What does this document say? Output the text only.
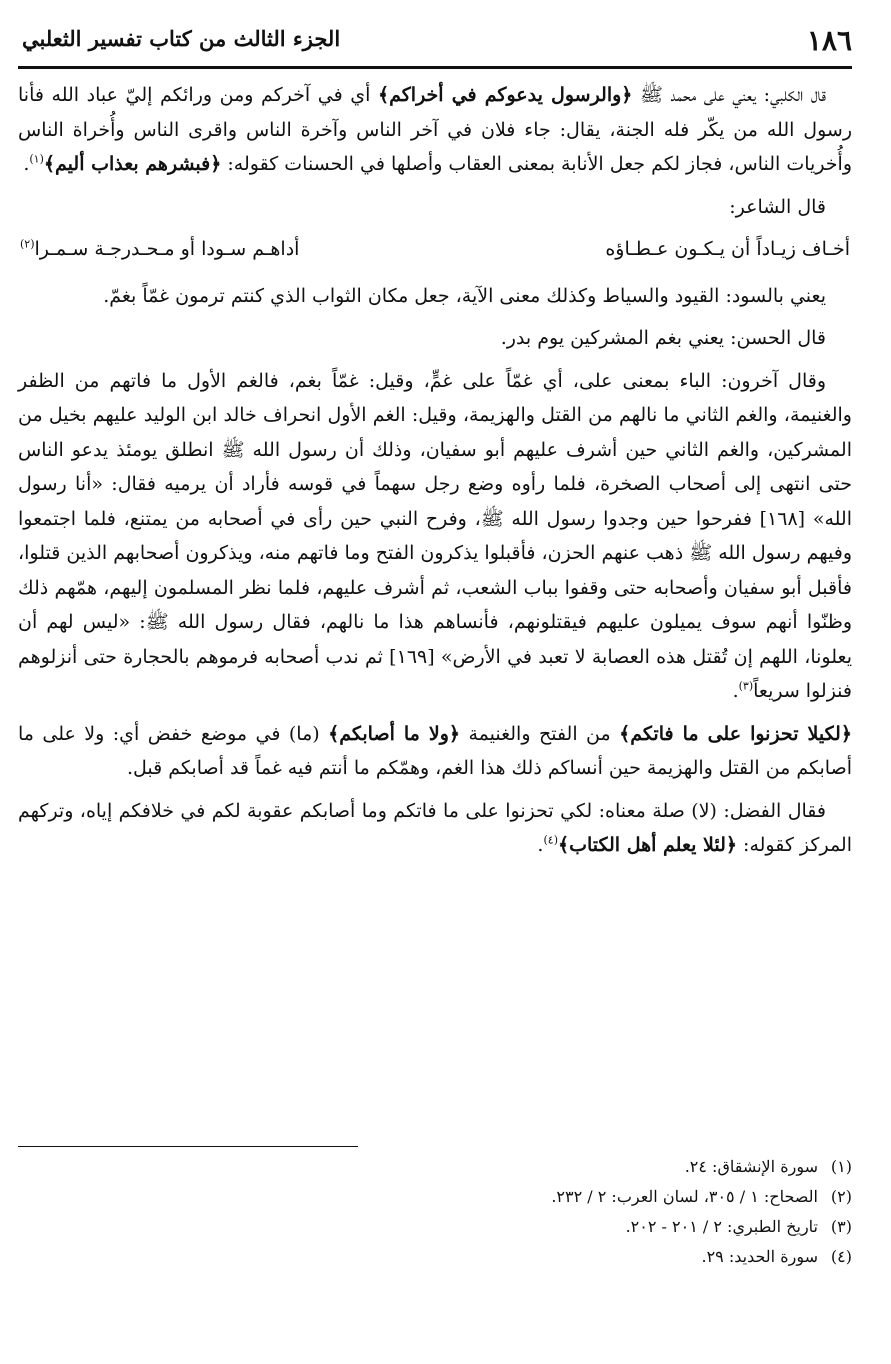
١٨٦
الجزء الثالث من كتاب تفسير الثعلبي

قال الكلبي: يعني على محمد ﷺ ﴿والرسول يدعوكم في أخراكم﴾ أي في آخركم ومن ورائكم إليّ عباد الله فأنا رسول الله من يكّر فله الجنة، يقال: جاء فلان في آخر الناس وآخرة الناس واقرى الناس وأُخراة الناس وأُخريات الناس، فجاز لكم جعل الأنابة بمعنى العقاب وأصلها في الحسنات كقوله: ﴿فبشرهم بعذاب أليم﴾$^{(١)}$.

قال الشاعر:

أخـاف زيـاداً أن يـكـون عـطـاؤه
أداهـم سـودا أو مـحـدرجـة سـمـرا$^{(٢)}$

يعني بالسود: القيود والسياط وكذلك معنى الآية، جعل مكان الثواب الذي كنتم ترمون غمّاً بغمّ.

قال الحسن: يعني بغم المشركين يوم بدر.

وقال آخرون: الباء بمعنى على، أي غمّاً على غمٍّ، وقيل: غمّاً بغم، فالغم الأول ما فاتهم من الظفر والغنيمة، والغم الثاني ما نالهم من القتل والهزيمة، وقيل: الغم الأول انحراف خالد ابن الوليد عليهم بخيل من المشركين، والغم الثاني حين أشرف عليهم أبو سفيان، وذلك أن رسول الله ﷺ انطلق يومئذ يدعو الناس حتى انتهى إلى أصحاب الصخرة، فلما رأوه وضع رجل سهماً في قوسه فأراد أن يرميه فقال: «أنا رسول الله» [١٦٨] ففرحوا حين وجدوا رسول الله ﷺ، وفرح النبي حين رأى في أصحابه من يمتنع، فلما اجتمعوا وفيهم رسول الله ﷺ ذهب عنهم الحزن، فأقبلوا يذكرون الفتح وما فاتهم منه، ويذكرون أصحابهم الذين قتلوا، فأقبل أبو سفيان وأصحابه حتى وقفوا بباب الشعب، ثم أشرف عليهم، فلما نظر المسلمون إليهم، همّهم ذلك وظنّوا أنهم سوف يميلون عليهم فيقتلونهم، فأنساهم هذا ما نالهم، فقال رسول الله ﷺ: «ليس لهم أن يعلونا، اللهم إن تُقتل هذه العصابة لا تعبد في الأرض» [١٦٩] ثم ندب أصحابه فرموهم بالحجارة حتى أنزلوهم فنزلوا سريعاً$^{(٣)}$.

﴿لكيلا تحزنوا على ما فاتكم﴾ من الفتح والغنيمة ﴿ولا ما أصابكم﴾ (ما) في موضع خفض أي: ولا على ما أصابكم من القتل والهزيمة حين أنساكم ذلك هذا الغم، وهمّكم ما أنتم فيه غماً قد أصابكم قبل.

فقال الفضل: (لا) صلة معناه: لكي تحزنوا على ما فاتكم وما أصابكم عقوبة لكم في خلافكم إياه، وتركهم المركز كقوله: ﴿لئلا يعلم أهل الكتاب﴾$^{(٤)}$.

(١)
سورة الإنشقاق: ٢٤.
(٢)
الصحاح: ١ / ٣٠٥، لسان العرب: ٢ / ٢٣٢.
(٣)
تاريخ الطبري: ٢ / ٢٠١ - ٢٠٢.
(٤)
سورة الحديد: ٢٩.
